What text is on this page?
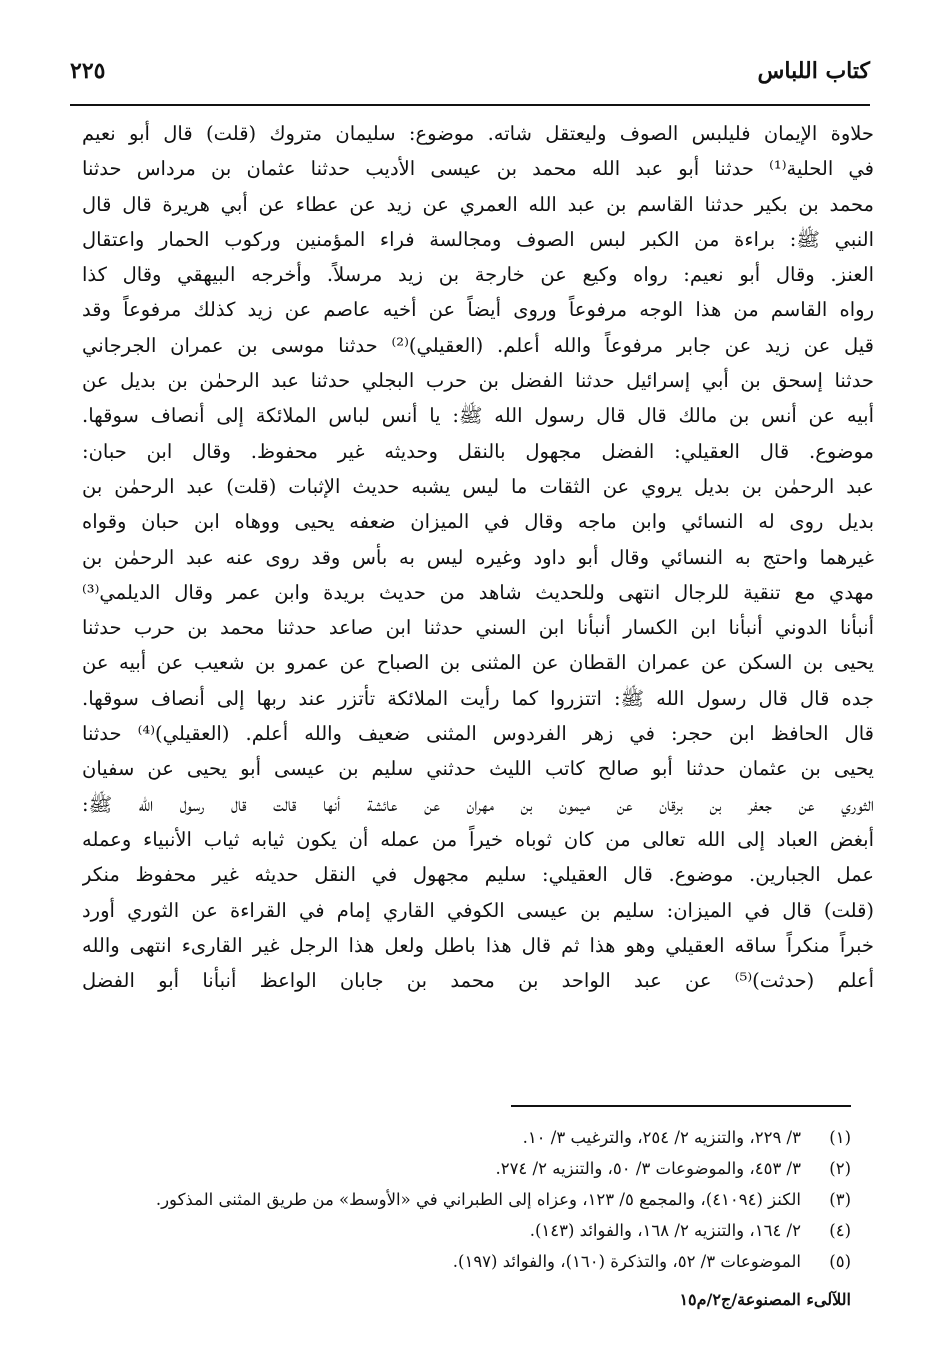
كتاب اللباس
٢٢٥
حلاوة الإيمان فليلبس الصوف وليعتقل شاته. موضوع: سليمان متروك (قلت) قال أبو نعيم
في الحلية⁽¹⁾ حدثنا أبو عبد الله محمد بن عيسى الأديب حدثنا عثمان بن مرداس حدثنا
محمد بن بكير حدثنا القاسم بن عبد الله العمري عن زيد عن عطاء عن أبي هريرة قال قال
النبي ﷺ: براءة من الكبر لبس الصوف ومجالسة فراء المؤمنين وركوب الحمار واعتقال
العنز. وقال أبو نعيم: رواه وكيع عن خارجة بن زيد مرسلاً. وأخرجه البيهقي وقال كذا
رواه القاسم من هذا الوجه مرفوعاً وروى أيضاً عن أخيه عاصم عن زيد كذلك مرفوعاً وقد
قيل عن زيد عن جابر مرفوعاً والله أعلم. (العقيلي)⁽²⁾ حدثنا موسى بن عمران الجرجاني
حدثنا إسحق بن أبي إسرائيل حدثنا الفضل بن حرب البجلي حدثنا عبد الرحمٰن بن بديل عن
أبيه عن أنس بن مالك قال قال رسول الله ﷺ: يا أنس لباس الملائكة إلى أنصاف سوقها.
موضوع. قال العقيلي: الفضل مجهول بالنقل وحديثه غير محفوظ. وقال ابن حبان:
عبد الرحمٰن بن بديل يروي عن الثقات ما ليس يشبه حديث الإثبات (قلت) عبد الرحمٰن بن
بديل روى له النسائي وابن ماجه وقال في الميزان ضعفه يحيى ووهاه ابن حبان وقواه
غيرهما واحتج به النسائي وقال أبو داود وغيره ليس به بأس وقد روى عنه عبد الرحمٰن بن
مهدي مع تنقية للرجال انتهى وللحديث شاهد من حديث بريدة وابن عمر وقال الديلمي⁽³⁾
أنبأنا الدوني أنبأنا ابن الكسار أنبأنا ابن السني حدثنا ابن صاعد حدثنا محمد بن حرب حدثنا
يحيى بن السكن عن عمران القطان عن المثنى بن الصباح عن عمرو بن شعيب عن أبيه عن
جده قال قال رسول الله ﷺ: اتتزروا كما رأيت الملائكة تأتزر عند ربها إلى أنصاف سوقها.
قال الحافظ ابن حجر: في زهر الفردوس المثنى ضعيف والله أعلم. (العقيلي)⁽⁴⁾ حدثنا
يحيى بن عثمان حدثنا أبو صالح كاتب الليث حدثني سليم بن عيسى أبو يحيى عن سفيان
الثوري عن جعفر بن برقان عن ميمون بن مهران عن عائشة أنها قالت قال رسول الله ﷺ:
أبغض العباد إلى الله تعالى من كان ثوباه خيراً من عمله أن يكون ثيابه ثياب الأنبياء وعمله
عمل الجبارين. موضوع. قال العقيلي: سليم مجهول في النقل حديثه غير محفوظ منكر
(قلت) قال في الميزان: سليم بن عيسى الكوفي القاري إمام في القراءة عن الثوري أورد
خبراً منكراً ساقه العقيلي وهو هذا ثم قال هذا باطل ولعل هذا الرجل غير القارىء انتهى والله
أعلم (حدثت)⁽⁵⁾ عن عبد الواحد بن محمد بن جابان الواعظ أنبأنا أبو الفضل
(١)
٣/ ٢٢٩، والتنزيه ٢/ ٢٥٤، والترغيب ٣/ ١٠.
(٢)
٣/ ٤٥٣، والموضوعات ٣/ ٥٠، والتنزيه ٢/ ٢٧٤.
(٣)
الكنز (٤١٠٩٤)، والمجمع ٥/ ١٢٣، وعزاه إلى الطبراني في «الأوسط» من طريق المثنى المذكور.
(٤)
٢/ ١٦٤، والتنزيه ٢/ ١٦٨، والفوائد (١٤٣).
(٥)
الموضوعات ٣/ ٥٢، والتذكرة (١٦٠)، والفوائد (١٩٧).
اللآلىء المصنوعة/ج٢/م١٥
